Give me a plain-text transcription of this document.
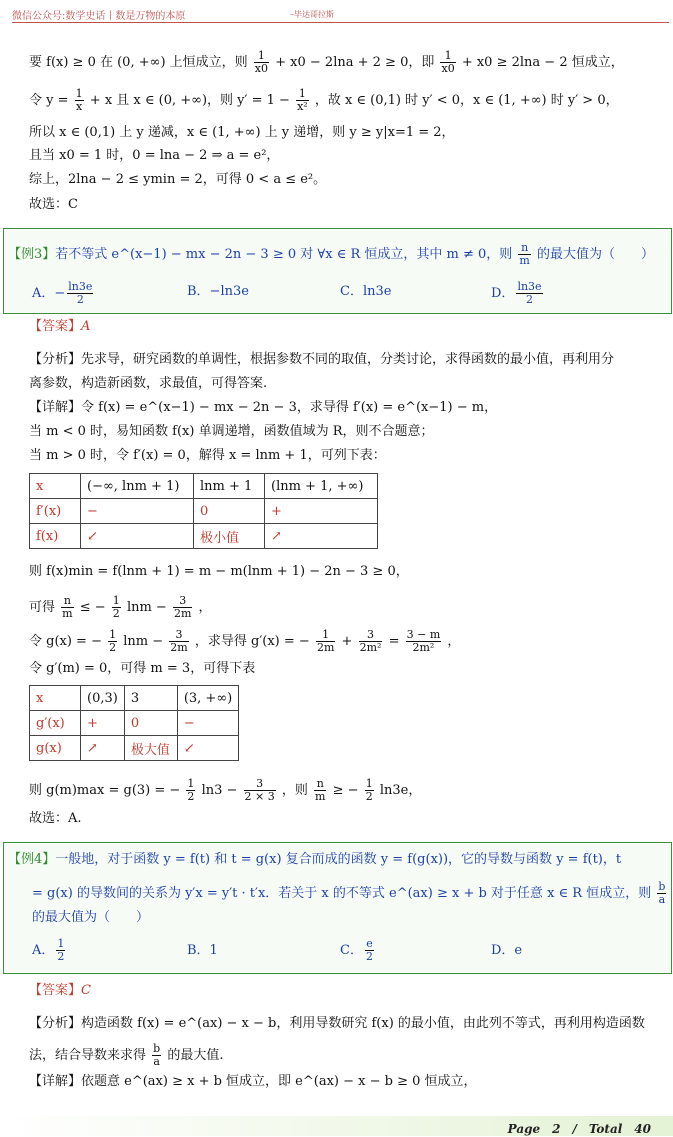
微信公众号:数学史话丨数是万物的本原	–毕达哥拉斯
要 f(x) ≥ 0 在 (0, +∞) 上恒成立，则 $\frac{1}{x0} + x0 - 2\ln a + 2 \ge 0$，即 $\frac{1}{x0} + x0 \ge 2\ln a - 2$ 恒成立，
令 $y = \frac{1}{x} + x$ 且 x ∈ (0, +∞)，则 $y' = 1 - \frac{1}{\text{x²}}$ ，故 x ∈ (0,1) 时 y′ < 0，x ∈ (1, +∞) 时 y′ > 0，
所以 x ∈ (0,1) 上 y 递减，x ∈ (1, +∞) 上 y 递增，则 y ≥ y|x=1 = 2，
且当 x0 = 1 时，0 = lna − 2 ⇒ a = e²，
综上，2lna − 2 ≤ ymin = 2，可得 0 < a ≤ e²。
故选：C
【例3】若不等式 e^(x−1) − mx − 2n − 3 ≥ 0 对 ∀x ∈ R 恒成立，其中 m ≠ 0，则 $\frac{n}{m}$ 的最大值为（　　）
A．− $\frac{\ln 3e}{2}$	B．−ln3e	C．ln3e	D． $\frac{\ln 3e}{2}$
【答案】A
【分析】先求导，研究函数的单调性，根据参数不同的取值，分类讨论，求得函数的最小值，再利用分
离参数，构造新函数，求最值，可得答案.
【详解】令 f(x) = e^(x−1) − mx − 2n − 3，求导得 f′(x) = e^(x−1) − m，
当 m < 0 时，易知函数 f(x) 单调递增，函数值域为 R，则不合题意；
当 m > 0 时，令 f′(x) = 0，解得 x = lnm + 1，可列下表：
x	(−∞, lnm + 1)	lnm + 1	(lnm + 1, +∞)
f′(x)	−	0	+
f(x)	↙	极小值	↗
则 f(x)min = f(lnm + 1) = m − m(lnm + 1) − 2n − 3 ≥ 0，
可得 $\frac{n}{m}$ ≤ − $\frac{1}{2}$ $\ln m - \frac{3}{2m}$ ，
令 g(x) = − $\frac{1}{2}$ $\ln m - \frac{3}{2m}$ ，求导得 g′(x) = − $\frac{1}{2m} + \frac{3}{\text{2m²}} = \frac{3 - m}{\text{2m²}}$ ，
令 g′(m) = 0，可得 m = 3，可得下表
x	(0,3)	3	(3, +∞)
g′(x)	+	0	−
g(x)	↗	极大值	↙
则 g(m)max = g(3) = − $\frac{1}{2} \ln 3 - \frac{3}{2 \times 3}$ ，则 $\frac{n}{m}$ ≥ − $\frac{1}{2} \ln 3e$，
故选：A.
【例4】一般地，对于函数 y = f(t) 和 t = g(x) 复合而成的函数 y = f(g(x))，它的导数与函数 y = f(t)，t
= g(x) 的导数间的关系为 y′x = y′t · t′x．若关于 x 的不等式 e^(ax) ≥ x + b 对于任意 x ∈ R 恒成立，则 $\frac{b}{a}$
的最大值为（　　）
A． $\frac{1}{2}$	B．1	C． $\frac{e}{2}$	D．e
【答案】C
【分析】构造函数 f(x) = e^(ax) − x − b，利用导数研究 f(x) 的最小值，由此列不等式，再利用构造函数
法，结合导数来求得 $\frac{b}{a}$ 的最大值.
【详解】依题意 e^(ax) ≥ x + b 恒成立，即 e^(ax) − x − b ≥ 0 恒成立，
Page　2　/　Total　40
